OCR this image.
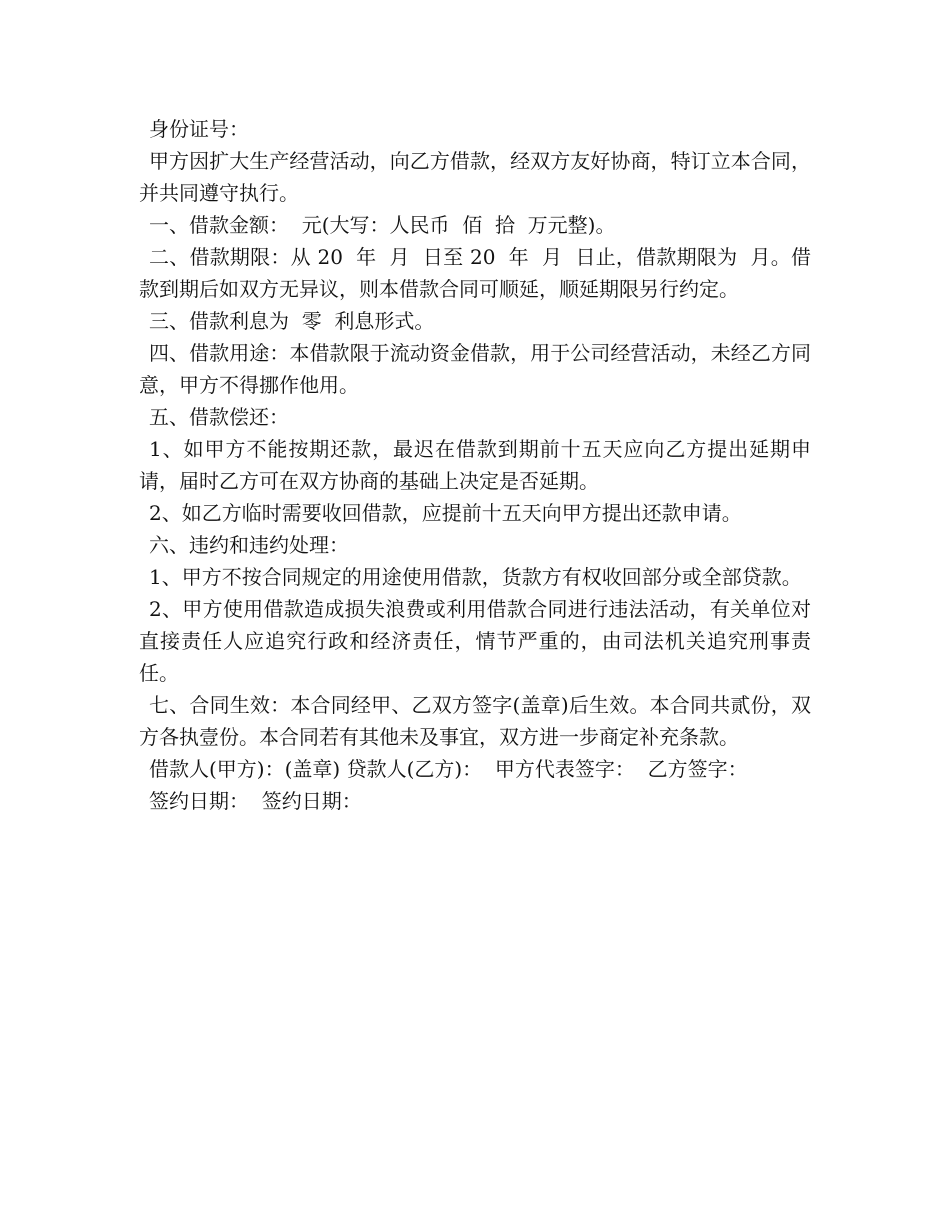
身份证号：

甲方因扩大生产经营活动，向乙方借款，经双方友好协商，特订立本合同，并共同遵守执行。

一、借款金额：  元(大写：人民币  佰  拾  万元整)。

二、借款期限：从 20  年  月  日至 20  年  月  日止，借款期限为  月。借款到期后如双方无异议，则本借款合同可顺延，顺延期限另行约定。

三、借款利息为  零  利息形式。

四、借款用途：本借款限于流动资金借款，用于公司经营活动，未经乙方同意，甲方不得挪作他用。

五、借款偿还：

1、如甲方不能按期还款，最迟在借款到期前十五天应向乙方提出延期申请，届时乙方可在双方协商的基础上决定是否延期。

2、如乙方临时需要收回借款，应提前十五天向甲方提出还款申请。

六、违约和违约处理：

1、甲方不按合同规定的用途使用借款，货款方有权收回部分或全部贷款。

2、甲方使用借款造成损失浪费或利用借款合同进行违法活动，有关单位对直接责任人应追究行政和经济责任，情节严重的，由司法机关追究刑事责任。

七、合同生效：本合同经甲、乙双方签字(盖章)后生效。本合同共贰份，双方各执壹份。本合同若有其他未及事宜，双方进一步商定补充条款。

借款人(甲方)：(盖章) 贷款人(乙方)：  甲方代表签字：  乙方签字：

签约日期：  签约日期：
